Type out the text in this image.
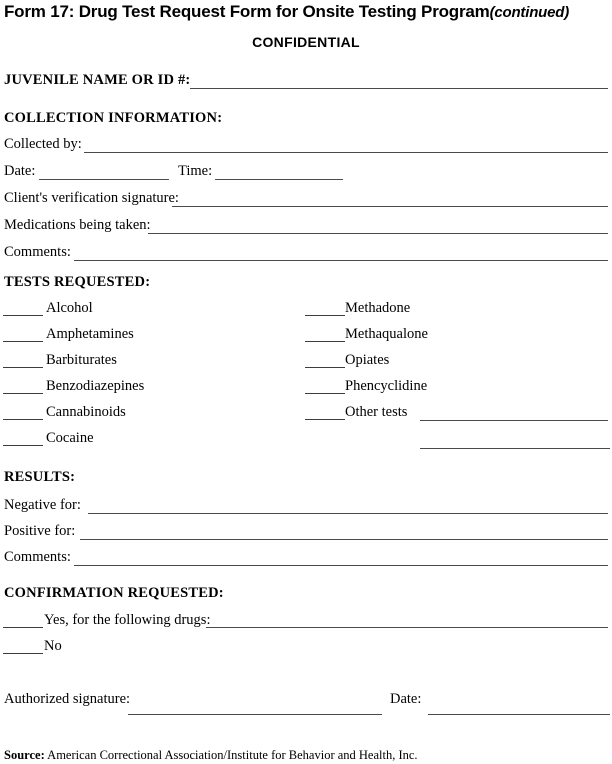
Form 17: Drug Test Request Form for Onsite Testing Program(continued)
CONFIDENTIAL
JUVENILE NAME OR ID #:
COLLECTION INFORMATION:
Collected by:
Date:	Time:
Client's verification signature:
Medications being taken:
Comments:
TESTS REQUESTED:
Alcohol
Amphetamines
Barbiturates
Benzodiazepines
Cannabinoids
Cocaine
Methadone
Methaqualone
Opiates
Phencyclidine
Other tests
RESULTS:
Negative for:
Positive for:
Comments:
CONFIRMATION REQUESTED:
Yes, for the following drugs:
No
Authorized signature:	Date:
Source: American Correctional Association/Institute for Behavior and Health, Inc.
